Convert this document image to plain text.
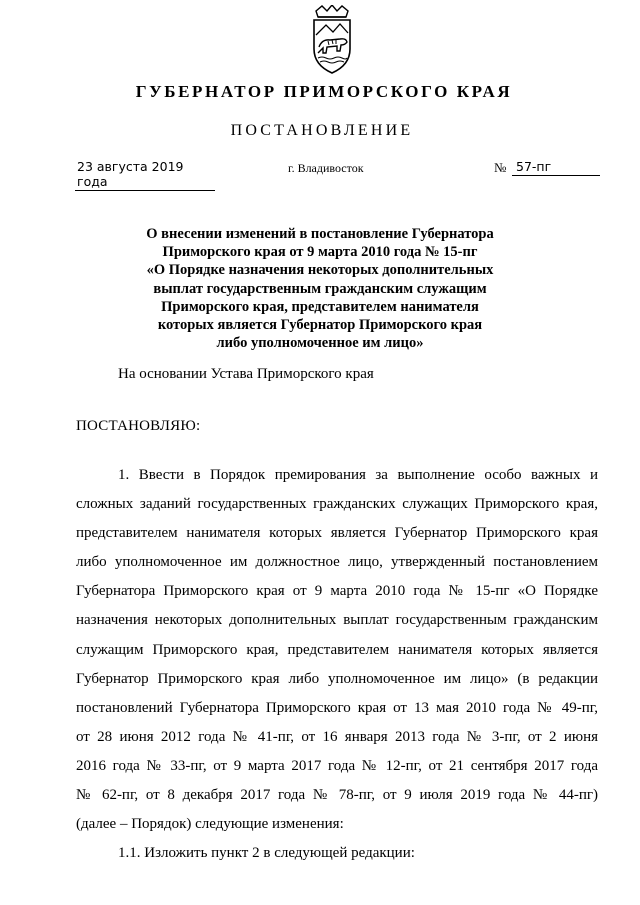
ГУБЕРНАТОР ПРИМОРСКОГО КРАЯ
ПОСТАНОВЛЕНИЕ
23 августа 2019 года
г. Владивосток	№ 57-пг
О внесении изменений в постановление Губернатора
Приморского края от 9 марта 2010 года № 15-пг
«О Порядке назначения некоторых дополнительных
выплат государственным гражданским служащим
Приморского края, представителем нанимателя
которых является Губернатор Приморского края
либо уполномоченное им лицо»
На основании Устава Приморского края
ПОСТАНОВЛЯЮ:
1. Ввести в Порядок премирования за выполнение особо важных и
сложных заданий государственных гражданских служащих Приморского края,
представителем нанимателя которых является Губернатор Приморского края
либо уполномоченное им должностное лицо, утвержденный постановлением
Губернатора Приморского края от 9 марта 2010 года № 15-пг «О Порядке
назначения некоторых дополнительных выплат государственным гражданским
служащим Приморского края, представителем нанимателя которых является
Губернатор Приморского края либо уполномоченное им лицо» (в редакции
постановлений Губернатора Приморского края от 13 мая 2010 года № 49-пг,
от 28 июня 2012 года № 41-пг, от 16 января 2013 года № 3-пг, от 2 июня
2016 года № 33-пг, от 9 марта 2017 года № 12-пг, от 21 сентября 2017 года
№ 62-пг, от 8 декабря 2017 года № 78-пг, от 9 июля 2019 года № 44-пг)
(далее – Порядок) следующие изменения:
1.1. Изложить пункт 2 в следующей редакции:
